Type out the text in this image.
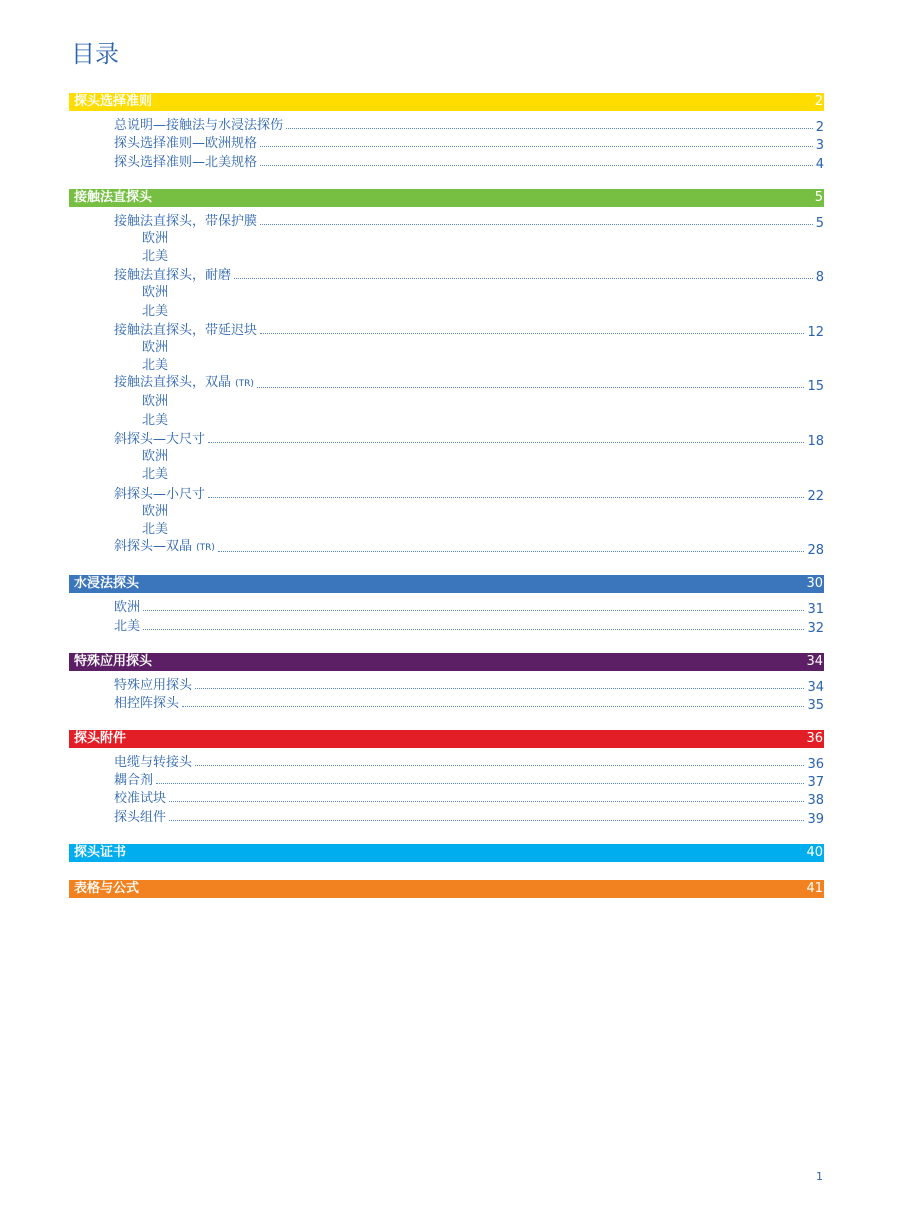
目录
探头选择准则	2
总说明—接触法与水浸法探伤	2
探头选择准则—欧洲规格	3
探头选择准则—北美规格	4
接触法直探头	5
接触法直探头，带保护膜	5
欧洲
北美
接触法直探头，耐磨	8
欧洲
北美
接触法直探头，带延迟块	12
欧洲
北美
接触法直探头，双晶 (TR)	15
欧洲
北美
斜探头—大尺寸	18
欧洲
北美
斜探头—小尺寸	22
欧洲
北美
斜探头—双晶 (TR)	28
水浸法探头	30
欧洲	31
北美	32
特殊应用探头	34
特殊应用探头	34
相控阵探头	35
探头附件	36
电缆与转接头	36
耦合剂	37
校准试块	38
探头组件	39
探头证书	40
表格与公式	41
1
